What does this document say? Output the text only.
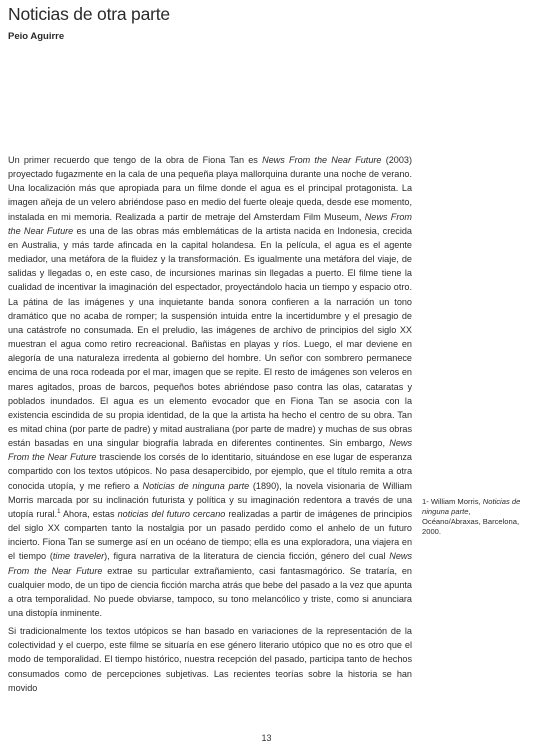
Noticias de otra parte
Peio Aguirre

Un primer recuerdo que tengo de la obra de Fiona Tan es News From the Near Future (2003) proyectado fugazmente en la cala de una pequeña playa mallorquina durante una noche de verano. Una localización más que apropiada para un filme donde el agua es el principal protagonista. La imagen añeja de un velero abriéndose paso en medio del fuerte oleaje queda, desde ese momento, instalada en mi memoria. Realizada a partir de metraje del Amsterdam Film Museum, News From the Near Future es una de las obras más emblemáticas de la artista nacida en Indonesia, crecida en Australia, y más tarde afincada en la capital holandesa. En la película, el agua es el agente mediador, una metáfora de la fluidez y la transformación. Es igualmente una metáfora del viaje, de salidas y llegadas o, en este caso, de incursiones marinas sin llegadas a puerto. El filme tiene la cualidad de incentivar la imaginación del espectador, proyectándolo hacia un tiempo y espacio otro. La pátina de las imágenes y una inquietante banda sonora confieren a la narración un tono dramático que no acaba de romper; la suspensión intuida entre la incertidumbre y el presagio de una catástrofe no consumada. En el preludio, las imágenes de archivo de principios del siglo XX muestran el agua como retiro recreacional. Bañistas en playas y ríos. Luego, el mar deviene en alegoría de una naturaleza irredenta al gobierno del hombre. Un señor con sombrero permanece encima de una roca rodeada por el mar, imagen que se repite. El resto de imágenes son veleros en mares agitados, proas de barcos, pequeños botes abriéndose paso contra las olas, cataratas y poblados inundados. El agua es un elemento evocador que en Fiona Tan se asocia con la existencia escindida de su propia identidad, de la que la artista ha hecho el centro de su obra. Tan es mitad china (por parte de padre) y mitad australiana (por parte de madre) y muchas de sus obras están basadas en una singular biografía labrada en diferentes continentes. Sin embargo, News From the Near Future trasciende los corsés de lo identitario, situándose en ese lugar de esperanza compartido con los textos utópicos. No pasa desapercibido, por ejemplo, que el título remita a otra conocida utopía, y me refiero a Noticias de ninguna parte (1890), la novela visionaria de William Morris marcada por su inclinación futurista y política y su imaginación redentora a través de una utopía rural.$^1$ Ahora, estas noticias del futuro cercano realizadas a partir de imágenes de principios del siglo XX comparten tanto la nostalgia por un pasado perdido como el anhelo de un futuro incierto. Fiona Tan se sumerge así en un océano de tiempo; ella es una exploradora, una viajera en el tiempo (time traveler), figura narrativa de la literatura de ciencia ficción, género del cual News From the Near Future extrae su particular extrañamiento, casi fantasmagórico. Se trataría, en cualquier modo, de un tipo de ciencia ficción marcha atrás que bebe del pasado a la vez que apunta a otra temporalidad. No puede obviarse, tampoco, su tono melancólico y triste, como si anunciara una distopía inminente.

Si tradicionalmente los textos utópicos se han basado en variaciones de la representación de la colectividad y el cuerpo, este filme se situaría en ese género literario utópico que no es otro que el modo de temporalidad. El tiempo histórico, nuestra recepción del pasado, participa tanto de hechos consumados como de percepciones subjetivas. Las recientes teorías sobre la historia se han movido

1- William Morris, Noticias de ninguna parte, Océano/Abraxas, Barcelona, 2000.
13
